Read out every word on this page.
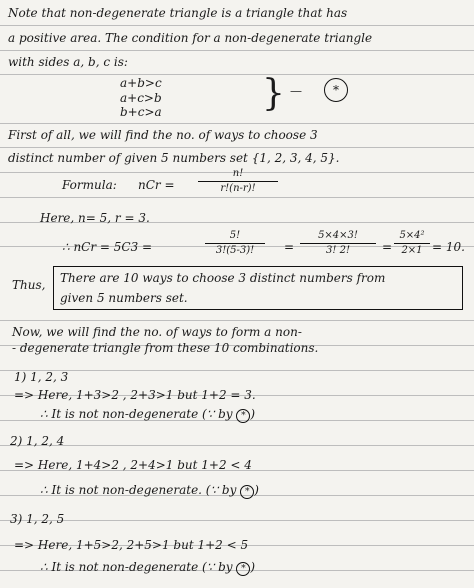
Note that non-degenerate triangle is a triangle that has
a positive area. The condition for a non-degenerate triangle
with sides a, b, c is:
a+b>c
a+c>b
b+c>a	} —	*
First of all, we will find the no. of ways to choose 3
distinct number of given 5 numbers set {1, 2, 3, 4, 5}.
Formula: nCr =
n!
r!(n-r)!
Here, n= 5, r = 3.
∴ nCr = 5C3 =
5!
3!(5-3)!	=
5×4×3!
3! 2!	=
5×4²
2×1 = 10.
Thus, There are 10 ways to choose 3 distinct numbers from
given 5 numbers set.
Now, we will find the no. of ways to form a non-
- degenerate triangle from these 10 combinations.
1) 1, 2, 3
=> Here, 1+3>2 , 2+3>1 but 1+2 = 3.
∴ It is not non-degenerate (∵ by * )
2) 1, 2, 4
=> Here, 1+4>2 , 2+4>1 but 1+2 < 4
∴ It is not non-degenerate. (∵ by * )
3) 1, 2, 5
=> Here, 1+5>2, 2+5>1 but 1+2 < 5
∴ It is not non-degenerate (∵ by * )
